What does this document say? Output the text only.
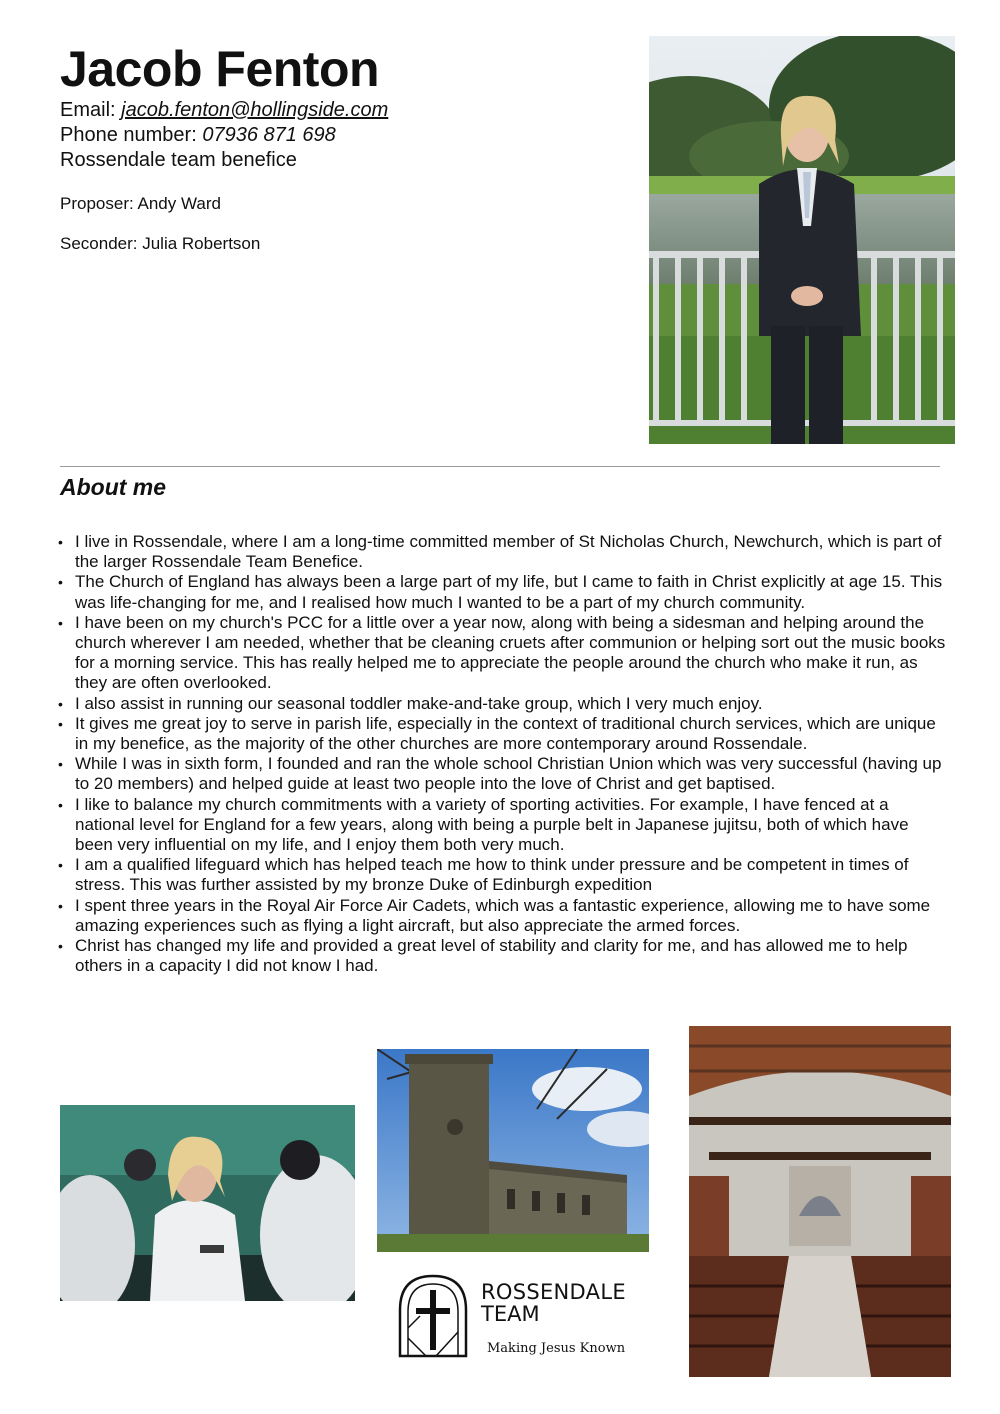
Jacob Fenton
Email: jacob.fenton@hollingside.com
Phone number: 07936 871 698
Rossendale team benefice
Proposer: Andy Ward
Seconder: Julia Robertson
About me
• I live in Rossendale, where I am a long-time committed member of St Nicholas Church, Newchurch, which is part of the larger Rossendale Team Benefice.
• The Church of England has always been a large part of my life, but I came to faith in Christ explicitly at age 15. This was life-changing for me, and I realised how much I wanted to be a part of my church community.
• I have been on my church's PCC for a little over a year now, along with being a sidesman and helping around the church wherever I am needed, whether that be cleaning cruets after communion or helping sort out the music books for a morning service. This has really helped me to appreciate the people around the church who make it run, as they are often overlooked.
• I also assist in running our seasonal toddler make-and-take group, which I very much enjoy.
• It gives me great joy to serve in parish life, especially in the context of traditional church services, which are unique in my benefice, as the majority of the other churches are more contemporary around Rossendale.
• While I was in sixth form, I founded and ran the whole school Christian Union which was very successful (having up to 20 members) and helped guide at least two people into the love of Christ and get baptised.
• I like to balance my church commitments with a variety of sporting activities. For example, I have fenced at a national level for England for a few years, along with being a purple belt in Japanese jujitsu, both of which have been very influential on my life, and I enjoy them both very much.
• I am a qualified lifeguard which has helped teach me how to think under pressure and be competent in times of stress. This was further assisted by my bronze Duke of Edinburgh expedition
• I spent three years in the Royal Air Force Air Cadets, which was a fantastic experience, allowing me to have some amazing experiences such as flying a light aircraft, but also appreciate the armed forces.
• Christ has changed my life and provided a great level of stability and clarity for me, and has allowed me to help others in a capacity I did not know I had.
ROSSENDALE
TEAM
Making Jesus Known
